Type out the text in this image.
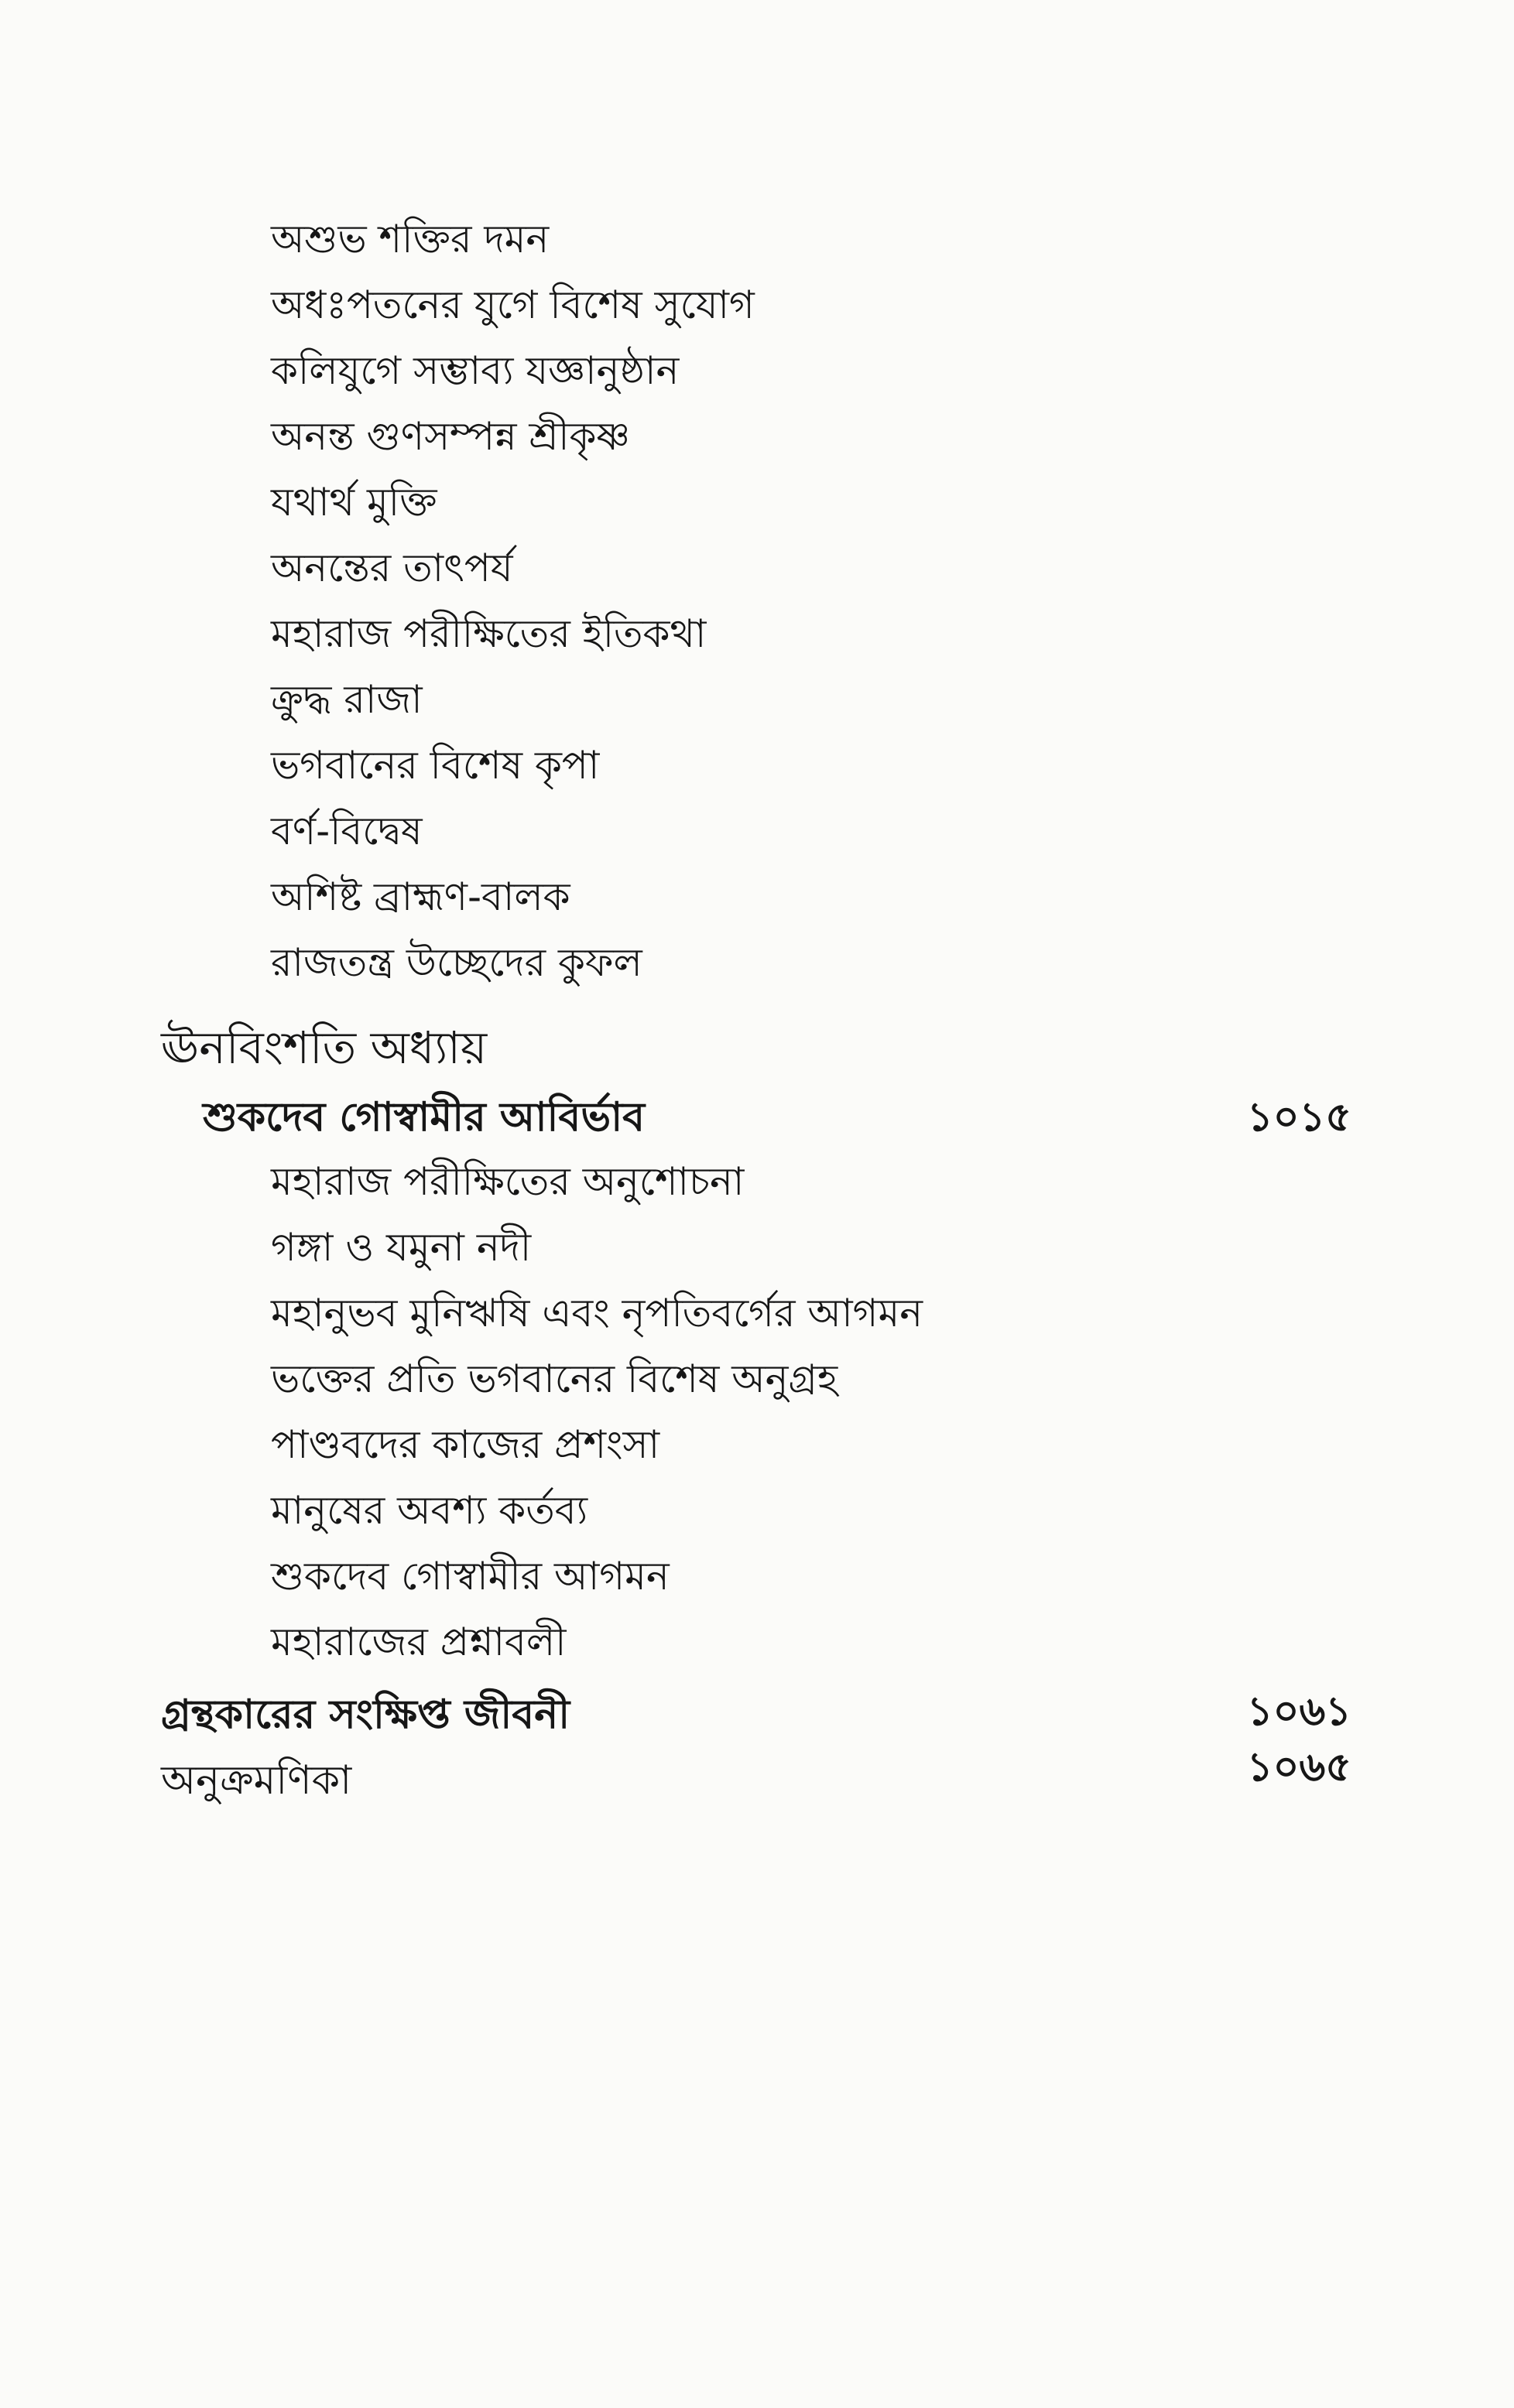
অশুভ শক্তির দমন
অধঃপতনের যুগে বিশেষ সুযোগ
কলিযুগে সম্ভাব্য যজ্ঞানুষ্ঠান
অনন্ত গুণসম্পন্ন শ্রীকৃষ্ণ
যথার্থ মুক্তি
অনন্তের তাৎপর্য
মহারাজ পরীক্ষিতের ইতিকথা
ক্রুদ্ধ রাজা
ভগবানের বিশেষ কৃপা
বর্ণ-বিদ্বেষ
অশিষ্ট ব্রাহ্মণ-বালক
রাজতন্ত্র উচ্ছেদের কুফল
ঊনবিংশতি অধ্যায়
শুকদেব গোস্বামীর আবির্ভাব	১০১৫
মহারাজ পরীক্ষিতের অনুশোচনা
গঙ্গা ও যমুনা নদী
মহানুভব মুনিঋষি এবং নৃপতিবর্গের আগমন
ভক্তের প্রতি ভগবানের বিশেষ অনুগ্রহ
পাণ্ডবদের কাজের প্রশংসা
মানুষের অবশ্য কর্তব্য
শুকদেব গোস্বামীর আগমন
মহারাজের প্রশ্নাবলী
গ্রন্থকারের সংক্ষিপ্ত জীবনী	১০৬১
অনুক্রমণিকা	১০৬৫
